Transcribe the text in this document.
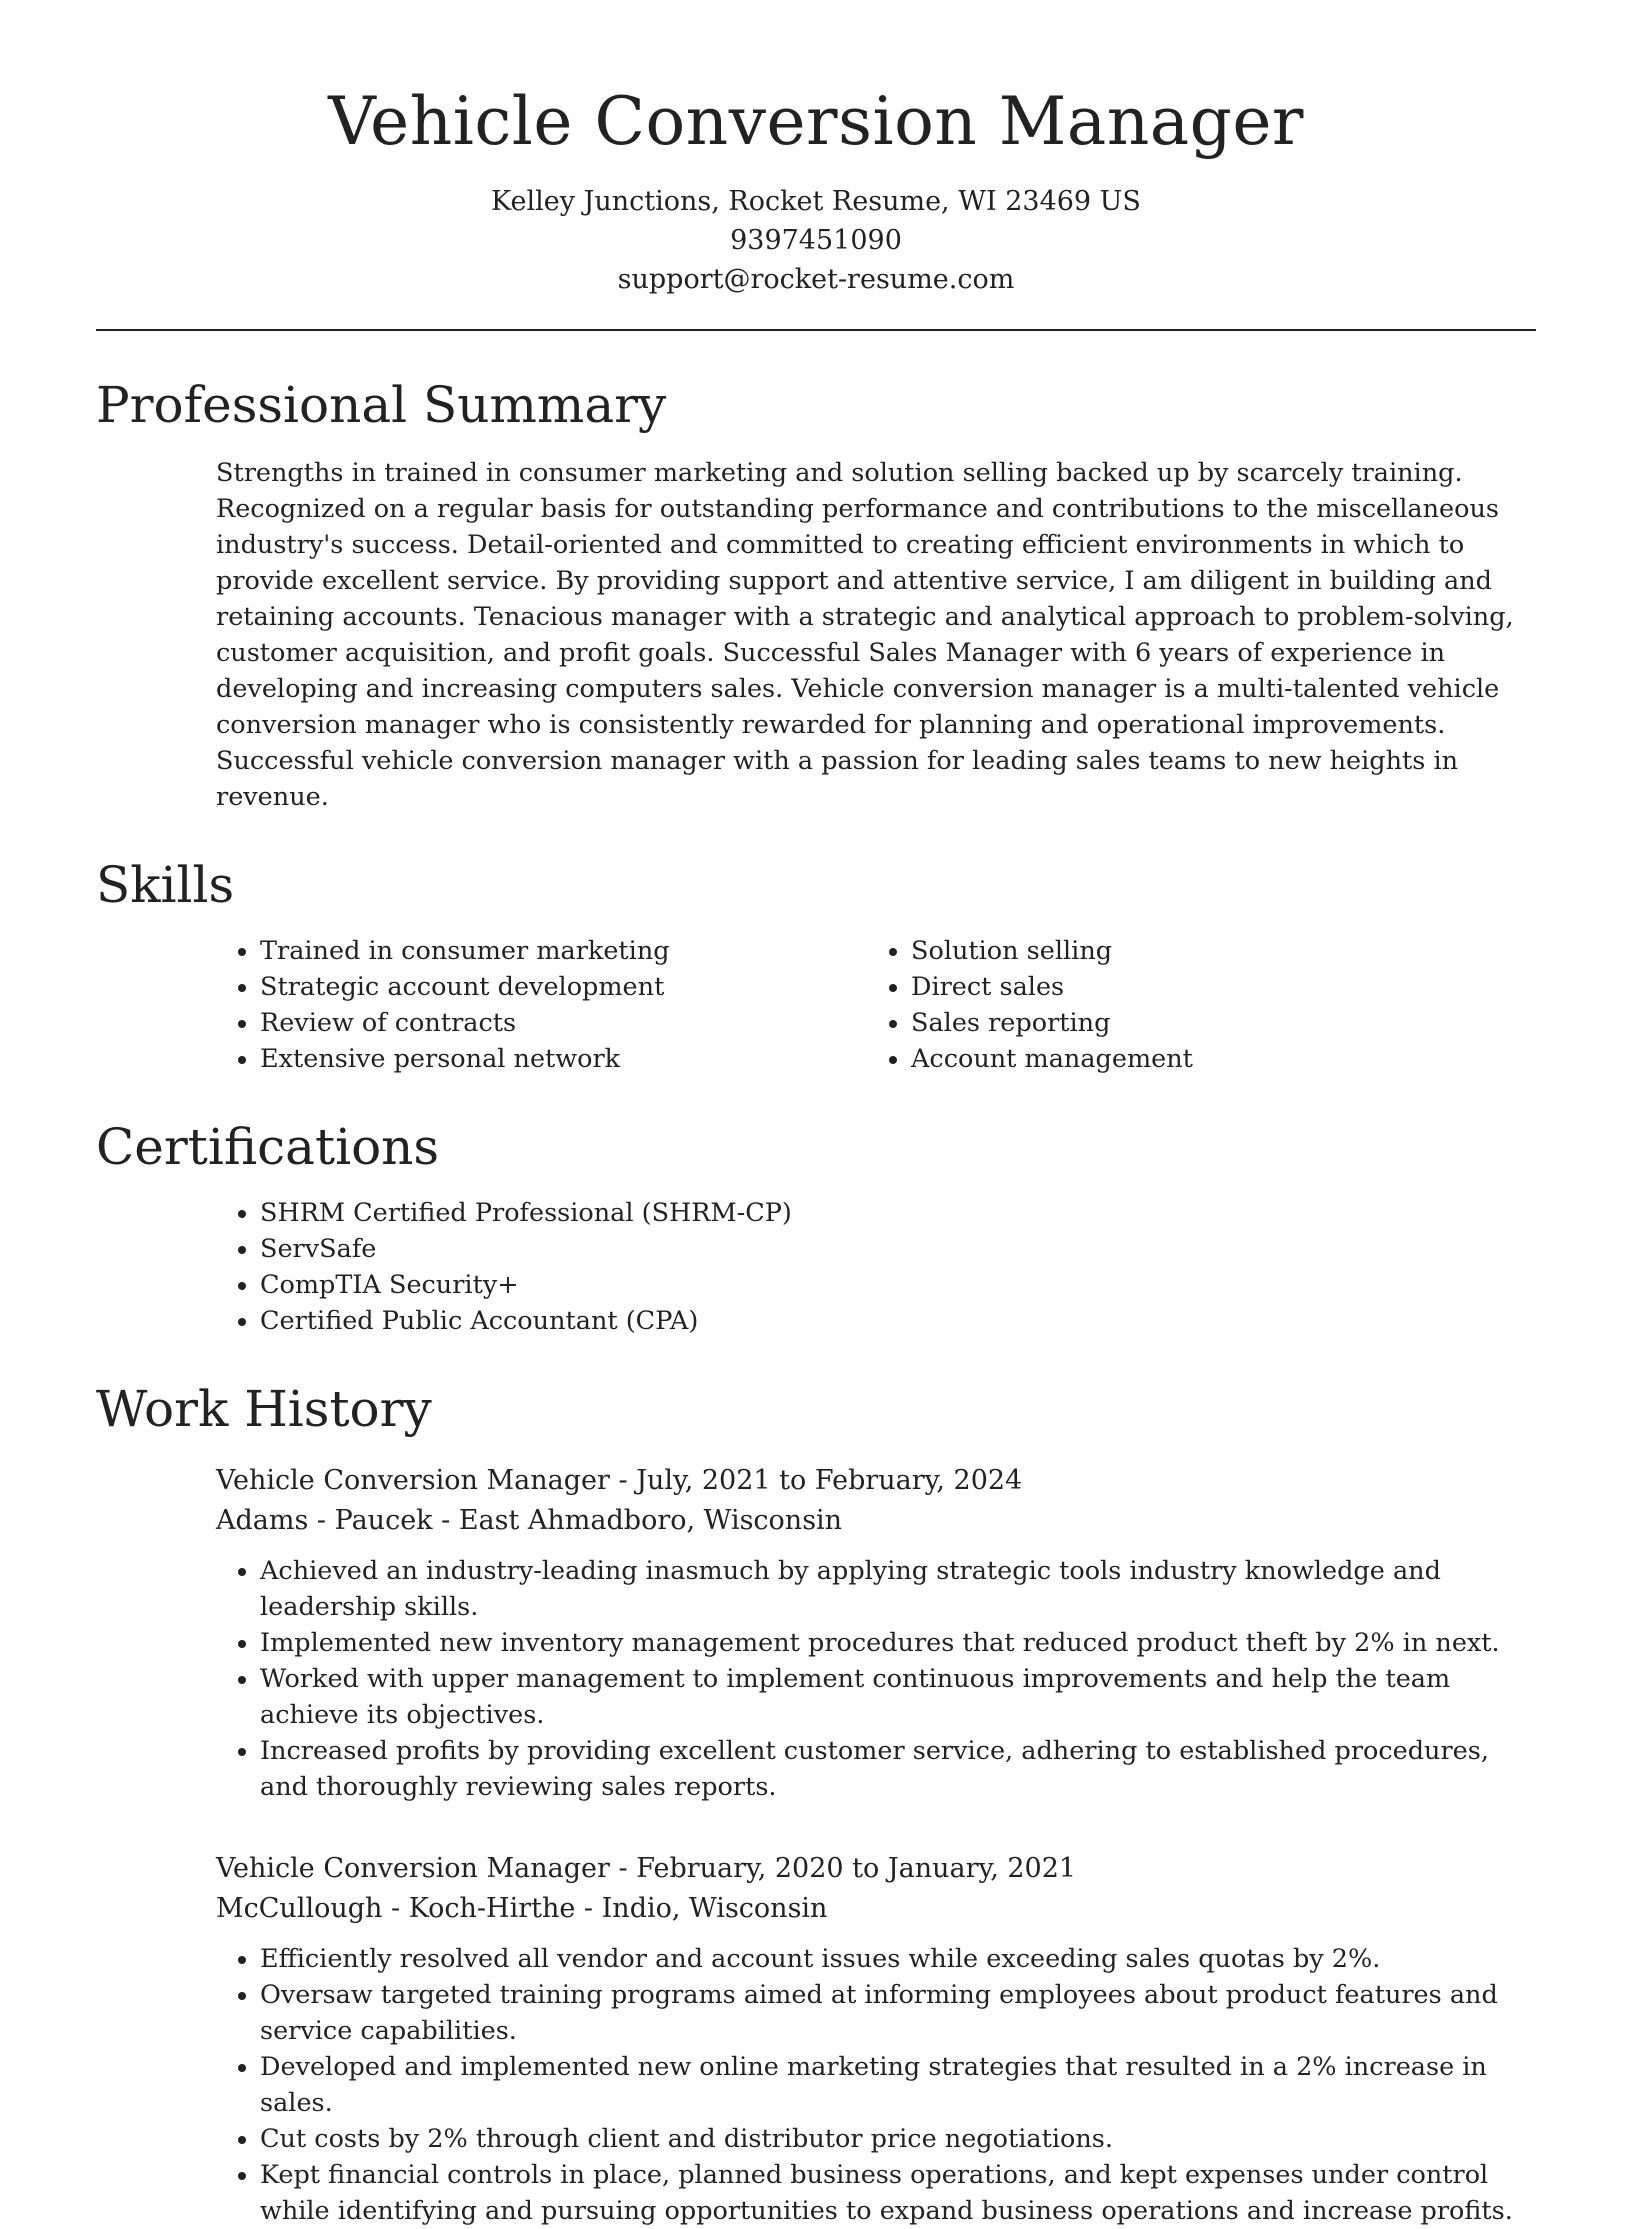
Vehicle Conversion Manager

Kelley Junctions, Rocket Resume, WI 23469 US

9397451090

support@rocket-resume.com

Professional Summary

Strengths in trained in consumer marketing and solution selling backed up by scarcely training. Recognized on a regular basis for outstanding performance and contributions to the miscellaneous industry's success. Detail-oriented and committed to creating efficient environments in which to provide excellent service. By providing support and attentive service, I am diligent in building and retaining accounts. Tenacious manager with a strategic and analytical approach to problem-solving, customer acquisition, and profit goals. Successful Sales Manager with 6 years of experience in developing and increasing computers sales. Vehicle conversion manager is a multi-talented vehicle conversion manager who is consistently rewarded for planning and operational improvements. Successful vehicle conversion manager with a passion for leading sales teams to new heights in revenue.

Skills
• Trained in consumer marketing
• Strategic account development
• Review of contracts
• Extensive personal network
• Solution selling
• Direct sales
• Sales reporting
• Account management
Certifications
• SHRM Certified Professional (SHRM-CP)
• ServSafe
• CompTIA Security+
• Certified Public Accountant (CPA)
Work History

Vehicle Conversion Manager - July, 2021 to February, 2024

Adams - Paucek - East Ahmadboro, Wisconsin

• Achieved an industry-leading inasmuch by applying strategic tools industry knowledge and leadership skills.
• Implemented new inventory management procedures that reduced product theft by 2% in next.
• Worked with upper management to implement continuous improvements and help the team achieve its objectives.
• Increased profits by providing excellent customer service, adhering to established procedures, and thoroughly reviewing sales reports.

Vehicle Conversion Manager - February, 2020 to January, 2021

McCullough - Koch-Hirthe - Indio, Wisconsin

• Efficiently resolved all vendor and account issues while exceeding sales quotas by 2%.
• Oversaw targeted training programs aimed at informing employees about product features and service capabilities.
• Developed and implemented new online marketing strategies that resulted in a 2% increase in sales.
• Cut costs by 2% through client and distributor price negotiations.
• Kept financial controls in place, planned business operations, and kept expenses under control while identifying and pursuing opportunities to expand business operations and increase profits.
